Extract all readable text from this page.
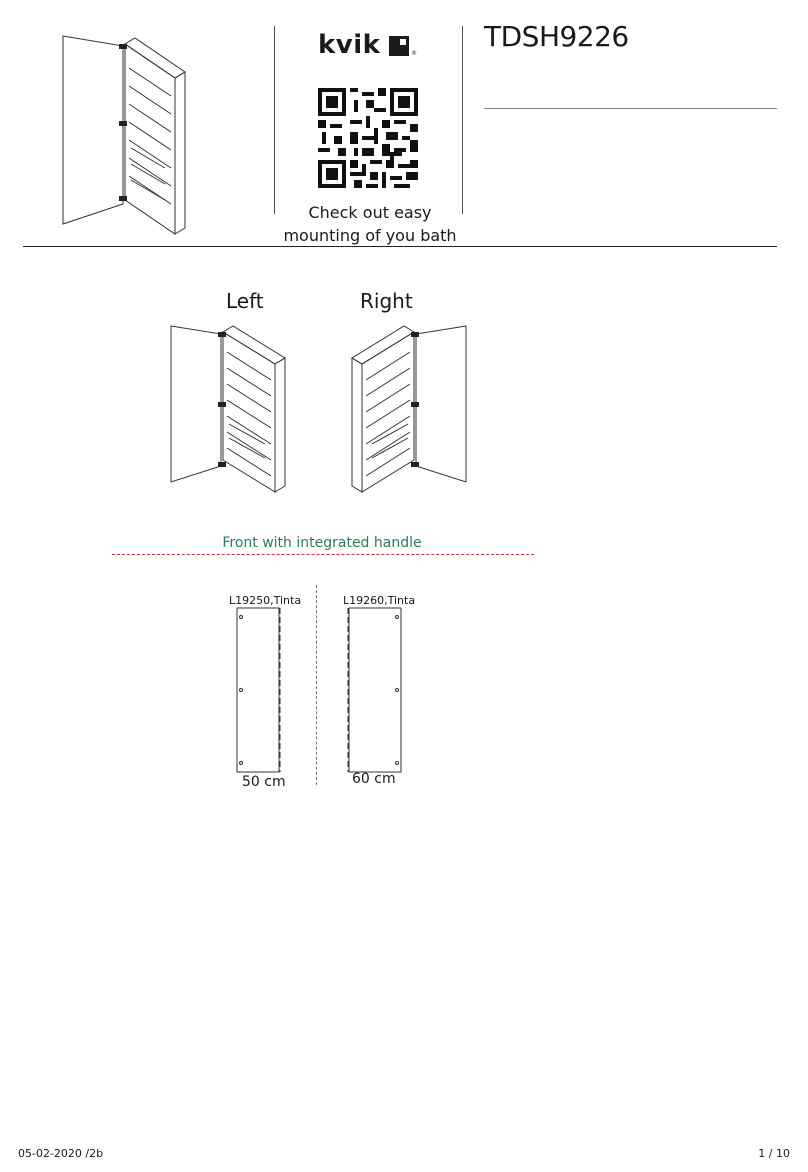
kvik	®
Check out easy
mounting of you bath
TDSH9226
Left	Right
Front with integrated handle
L19250,Tinta	L19260,Tinta
50 cm	60 cm
05-02-2020 /2b	1 / 10
